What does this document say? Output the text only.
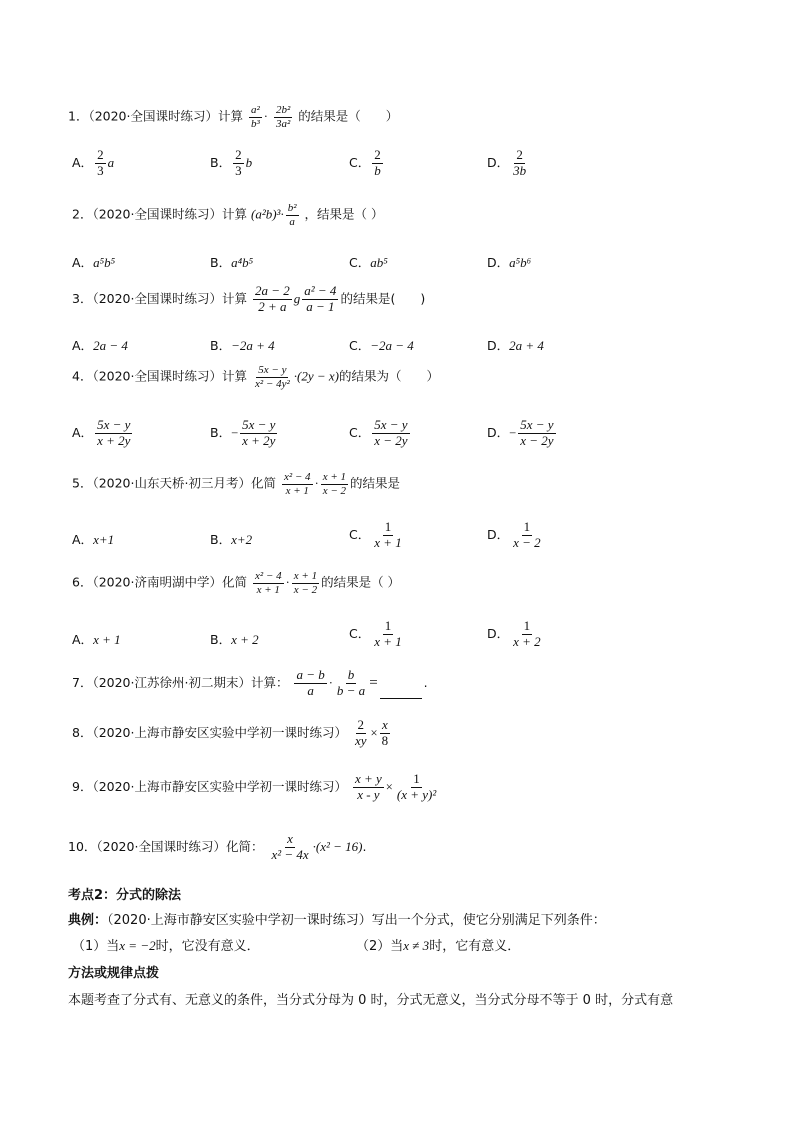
1．（2020·全国课时练习）计算 $\frac{\text{a²}}{\text{b³}} \cdot \frac{\text{2b²}}{\text{3a²}}$ 的结果是（　　）
A． $\frac{2}{3}$ a	B． $\frac{2}{3}$ b	C． $\frac{2}{b}$	D． $\frac{2}{3b}$
2．（2020·全国课时练习）计算 $(a^2b)^3\cdot \frac{\text{b²}}{a}$ ，结果是（ ）
A．a⁵b⁵	B．a⁴b⁵	C．ab⁵	D．a⁵b⁶
3．（2020·全国课时练习）计算 $\frac{2a - 2}{2 + a}$ g $\frac{\text{a² − 4}}{a - 1}$ 的结果是(　　)
A．2a − 4	B．−2a + 4	C．−2a − 4	D．2a + 4
4．（2020·全国课时练习）计算 $\frac{5x - y}{\text{x² − 4y²}} \cdot(2y - x)$的结果为（　　）
A． $\frac{5x - y}{x + 2y}$	B．− $\frac{5x - y}{x + 2y}$	C． $\frac{5x - y}{x - 2y}$	D．− $\frac{5x - y}{x - 2y}$
5．（2020·山东天桥·初三月考）化简 $\frac{\text{x² − 4}}{x + 1} \cdot \frac{x + 1}{x - 2}$ 的结果是
A．x+1	B．x+2	C． $\frac{1}{x + 1}$	D． $\frac{1}{x - 2}$
6．（2020·济南明湖中学）化简 $\frac{\text{x² − 4}}{x + 1} \cdot \frac{x + 1}{x - 2}$ 的结果是（ ）
A．x + 1	B．x + 2	C． $\frac{1}{x + 1}$	D． $\frac{1}{x + 2}$
7．（2020·江苏徐州·初二期末）计算： $\frac{a - b}{a} \cdot \frac{b}{b - a}$ =	.
8．（2020·上海市静安区实验中学初一课时练习） $\frac{2}{xy} \times \frac{x}{8}$
9．（2020·上海市静安区实验中学初一课时练习） $\frac{x + y}{x - y} \times \frac{1}{\text{(x + y)²}}$
10．（2020·全国课时练习）化简： $\frac{x}{\text{x² − 4x}} \cdot(x^2 - 16)$.
考点2：分式的除法
典例：（2020·上海市静安区实验中学初一课时练习）写出一个分式，使它分别满足下列条件：
（1）当x = −2时，它没有意义．	（2）当x ≠ 3时，它有意义．
方法或规律点拨
本题考查了分式有、无意义的条件，当分式分母为 0 时，分式无意义，当分式分母不等于 0 时，分式有意
